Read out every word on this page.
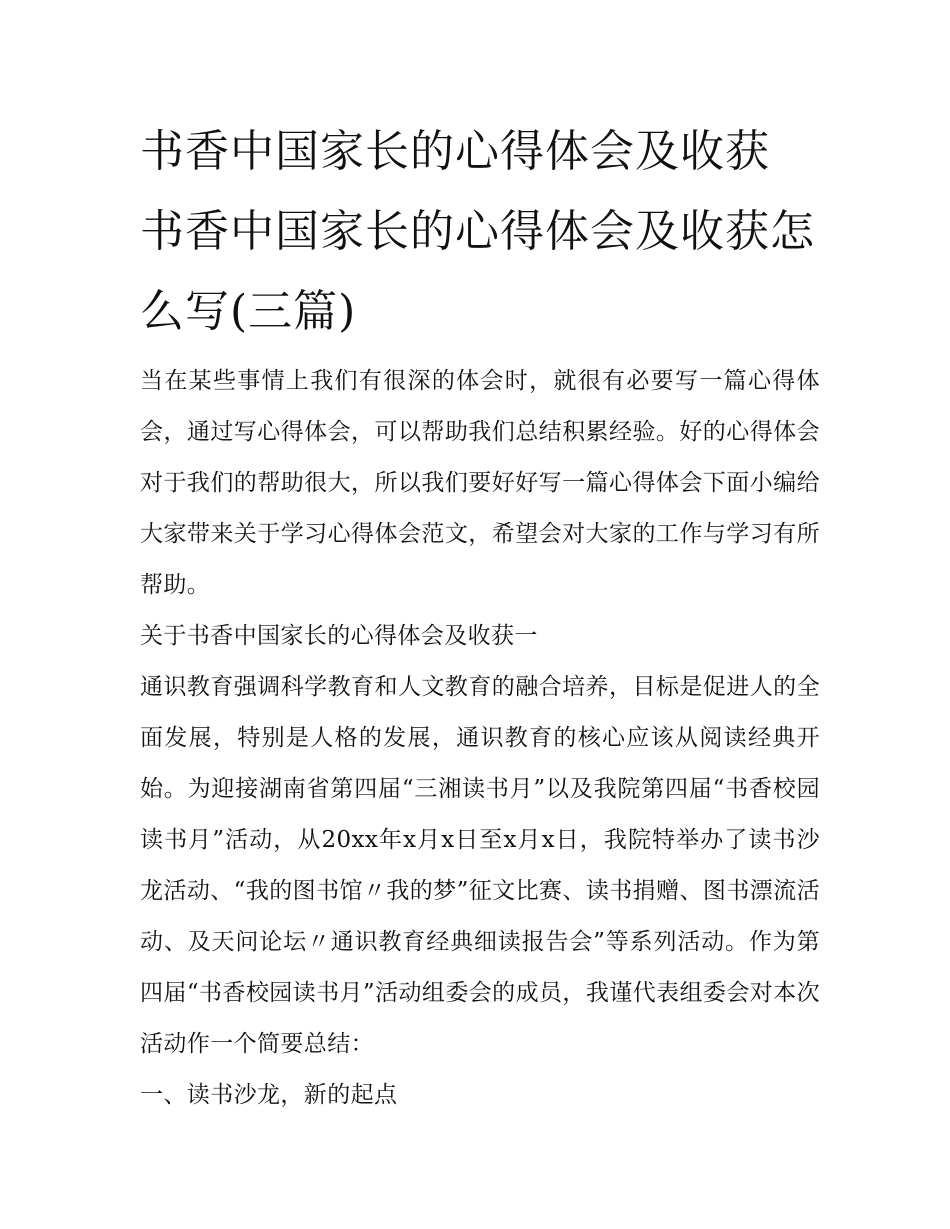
书香中国家长的心得体会及收获 书香中国家长的心得体会及收获怎么写(三篇)

当在某些事情上我们有很深的体会时，就很有必要写一篇心得体会，通过写心得体会，可以帮助我们总结积累经验。好的心得体会对于我们的帮助很大，所以我们要好好写一篇心得体会下面小编给大家带来关于学习心得体会范文，希望会对大家的工作与学习有所帮助。

关于书香中国家长的心得体会及收获一

通识教育强调科学教育和人文教育的融合培养，目标是促进人的全面发展，特别是人格的发展，通识教育的核心应该从阅读经典开始。为迎接湖南省第四届“三湘读书月”以及我院第四届“书香校园读书月”活动，从20xx年x月x日至x月x日，我院特举办了读书沙龙活动、“我的图书馆〃我的梦”征文比赛、读书捐赠、图书漂流活动、及天问论坛〃通识教育经典细读报告会”等系列活动。作为第四届“书香校园读书月”活动组委会的成员，我谨代表组委会对本次活动作一个简要总结：

一、读书沙龙，新的起点
